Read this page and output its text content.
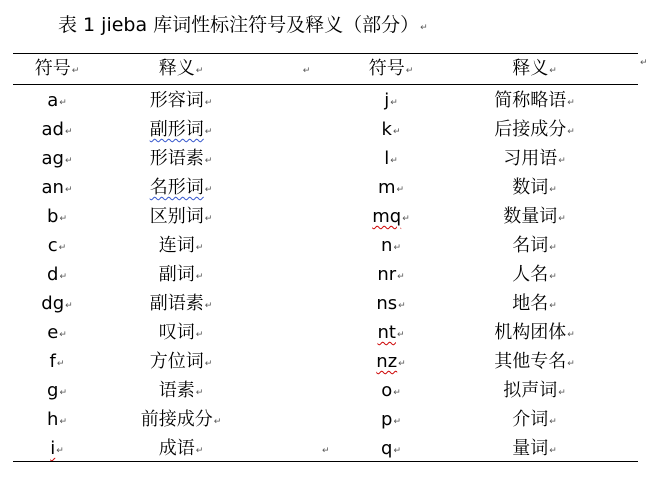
表 1 jieba 库词性标注符号及释义（部分）↵
符号↵	释义↵	↵	符号↵	释义↵
a↵	形容词↵	j↵	简称略语↵
ad↵	副形词↵	k↵	后接成分↵
ag↵	形语素↵	l↵	习用语↵
an↵	名形词↵	m↵	数词↵
b↵	区别词↵	mq↵	数量词↵
c↵	连词↵	n↵	名词↵
d↵	副词↵	nr↵	人名↵
dg↵	副语素↵	ns↵	地名↵
e↵	叹词↵	nt↵	机构团体↵
f↵	方位词↵	nz↵	其他专名↵
g↵	语素↵	o↵	拟声词↵
h↵	前接成分↵	p↵	介词↵
i↵	成语↵	q↵	量词↵
↵
↵
